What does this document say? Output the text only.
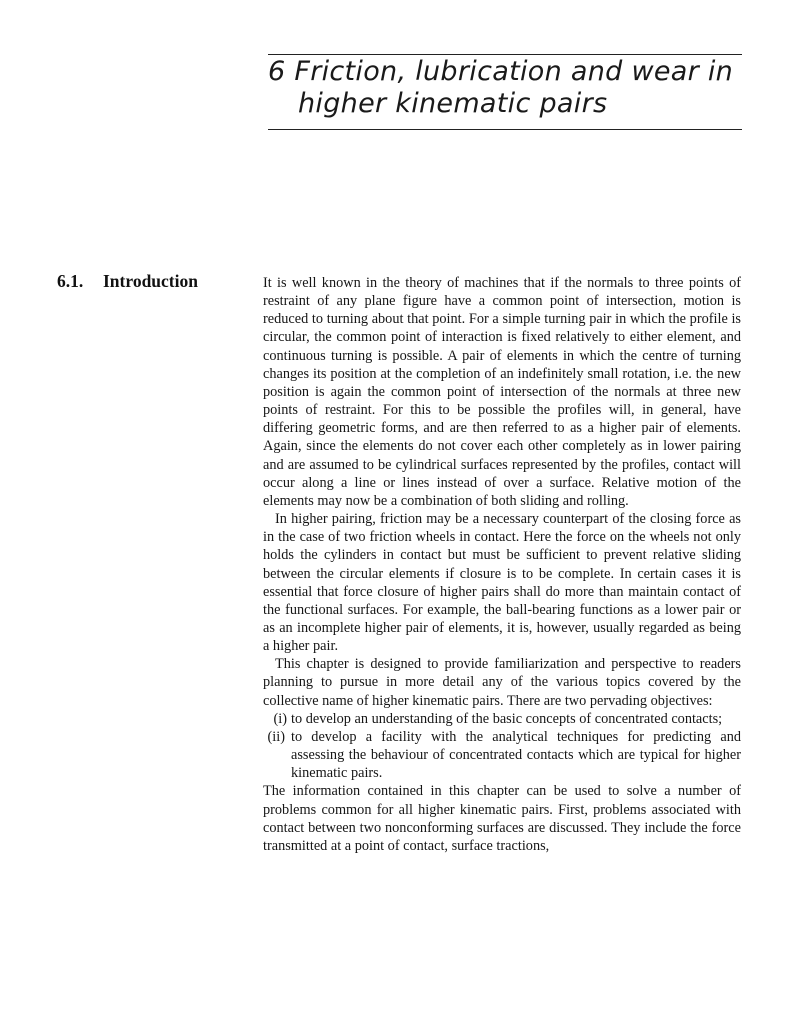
6 Friction, lubrication and wear in
higher kinematic pairs
6.1. Introduction	It is well known in the theory of machines that if the normals to three points of restraint of any plane figure have a common point of intersection, motion is reduced to turning about that point. For a simple turning pair in which the profile is circular, the common point of interaction is fixed relatively to either element, and continuous turning is possible. A pair of elements in which the centre of turning changes its position at the completion of an indefinitely small rotation, i.e. the new position is again the common point of intersection of the normals at three new points of restraint. For this to be possible the profiles will, in general, have differing geometric forms, and are then referred to as a higher pair of elements. Again, since the elements do not cover each other completely as in lower pairing and are assumed to be cylindrical surfaces represented by the profiles, contact will occur along a line or lines instead of over a surface. Relative motion of the elements may now be a combination of both sliding and rolling.

In higher pairing, friction may be a necessary counterpart of the closing force as in the case of two friction wheels in contact. Here the force on the wheels not only holds the cylinders in contact but must be sufficient to prevent relative sliding between the circular elements if closure is to be complete. In certain cases it is essential that force closure of higher pairs shall do more than maintain contact of the functional surfaces. For example, the ball-bearing functions as a lower pair or as an incomplete higher pair of elements, it is, however, usually regarded as being a higher pair.

This chapter is designed to provide familiarization and perspective to readers planning to pursue in more detail any of the various topics covered by the collective name of higher kinematic pairs. There are two pervading objectives:

(i) to develop an understanding of the basic concepts of concentrated contacts;
(ii) to develop a facility with the analytical techniques for predicting and assessing the behaviour of concentrated contacts which are typical for higher kinematic pairs.

The information contained in this chapter can be used to solve a number of problems common for all higher kinematic pairs. First, problems associated with contact between two nonconforming surfaces are discussed. They include the force transmitted at a point of contact, surface tractions,
